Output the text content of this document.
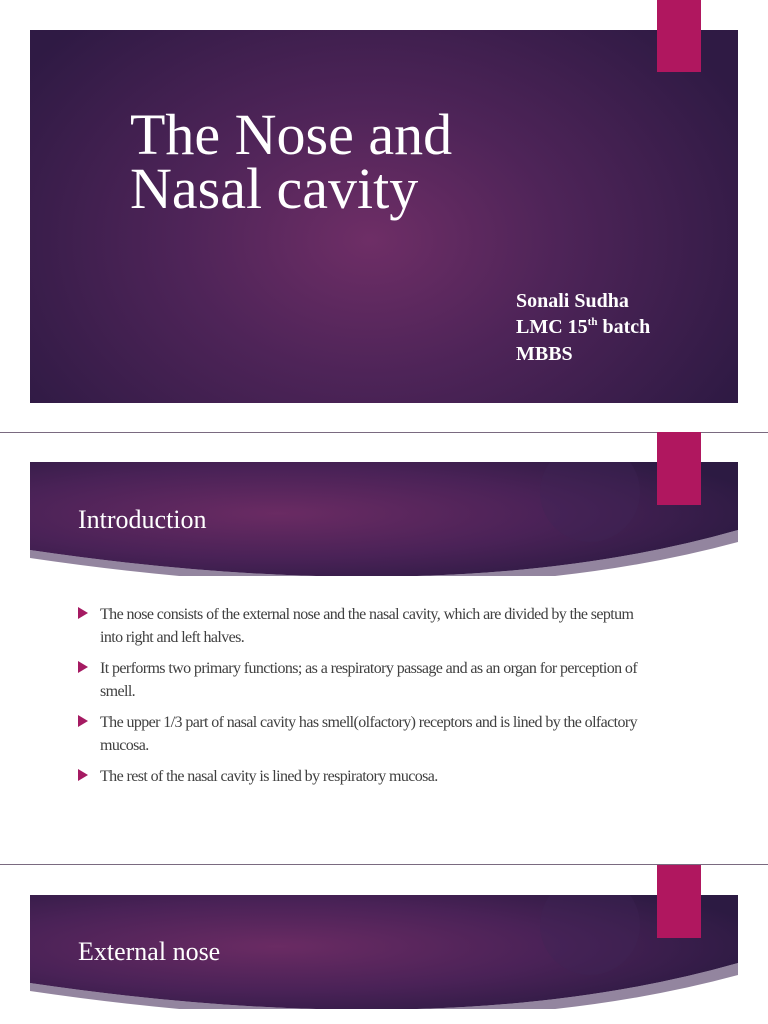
The Nose and
Nasal cavity
Sonali Sudha
LMC 15th batch
MBBS
Introduction
The nose consists of the external nose and the nasal cavity, which are divided by the septum into right and left halves.
It performs two primary functions; as a respiratory passage and as an organ for perception of smell.
The upper 1/3 part of nasal cavity has smell(olfactory) receptors and is lined by the olfactory mucosa.
The rest of the nasal cavity is lined by respiratory mucosa.
External nose
